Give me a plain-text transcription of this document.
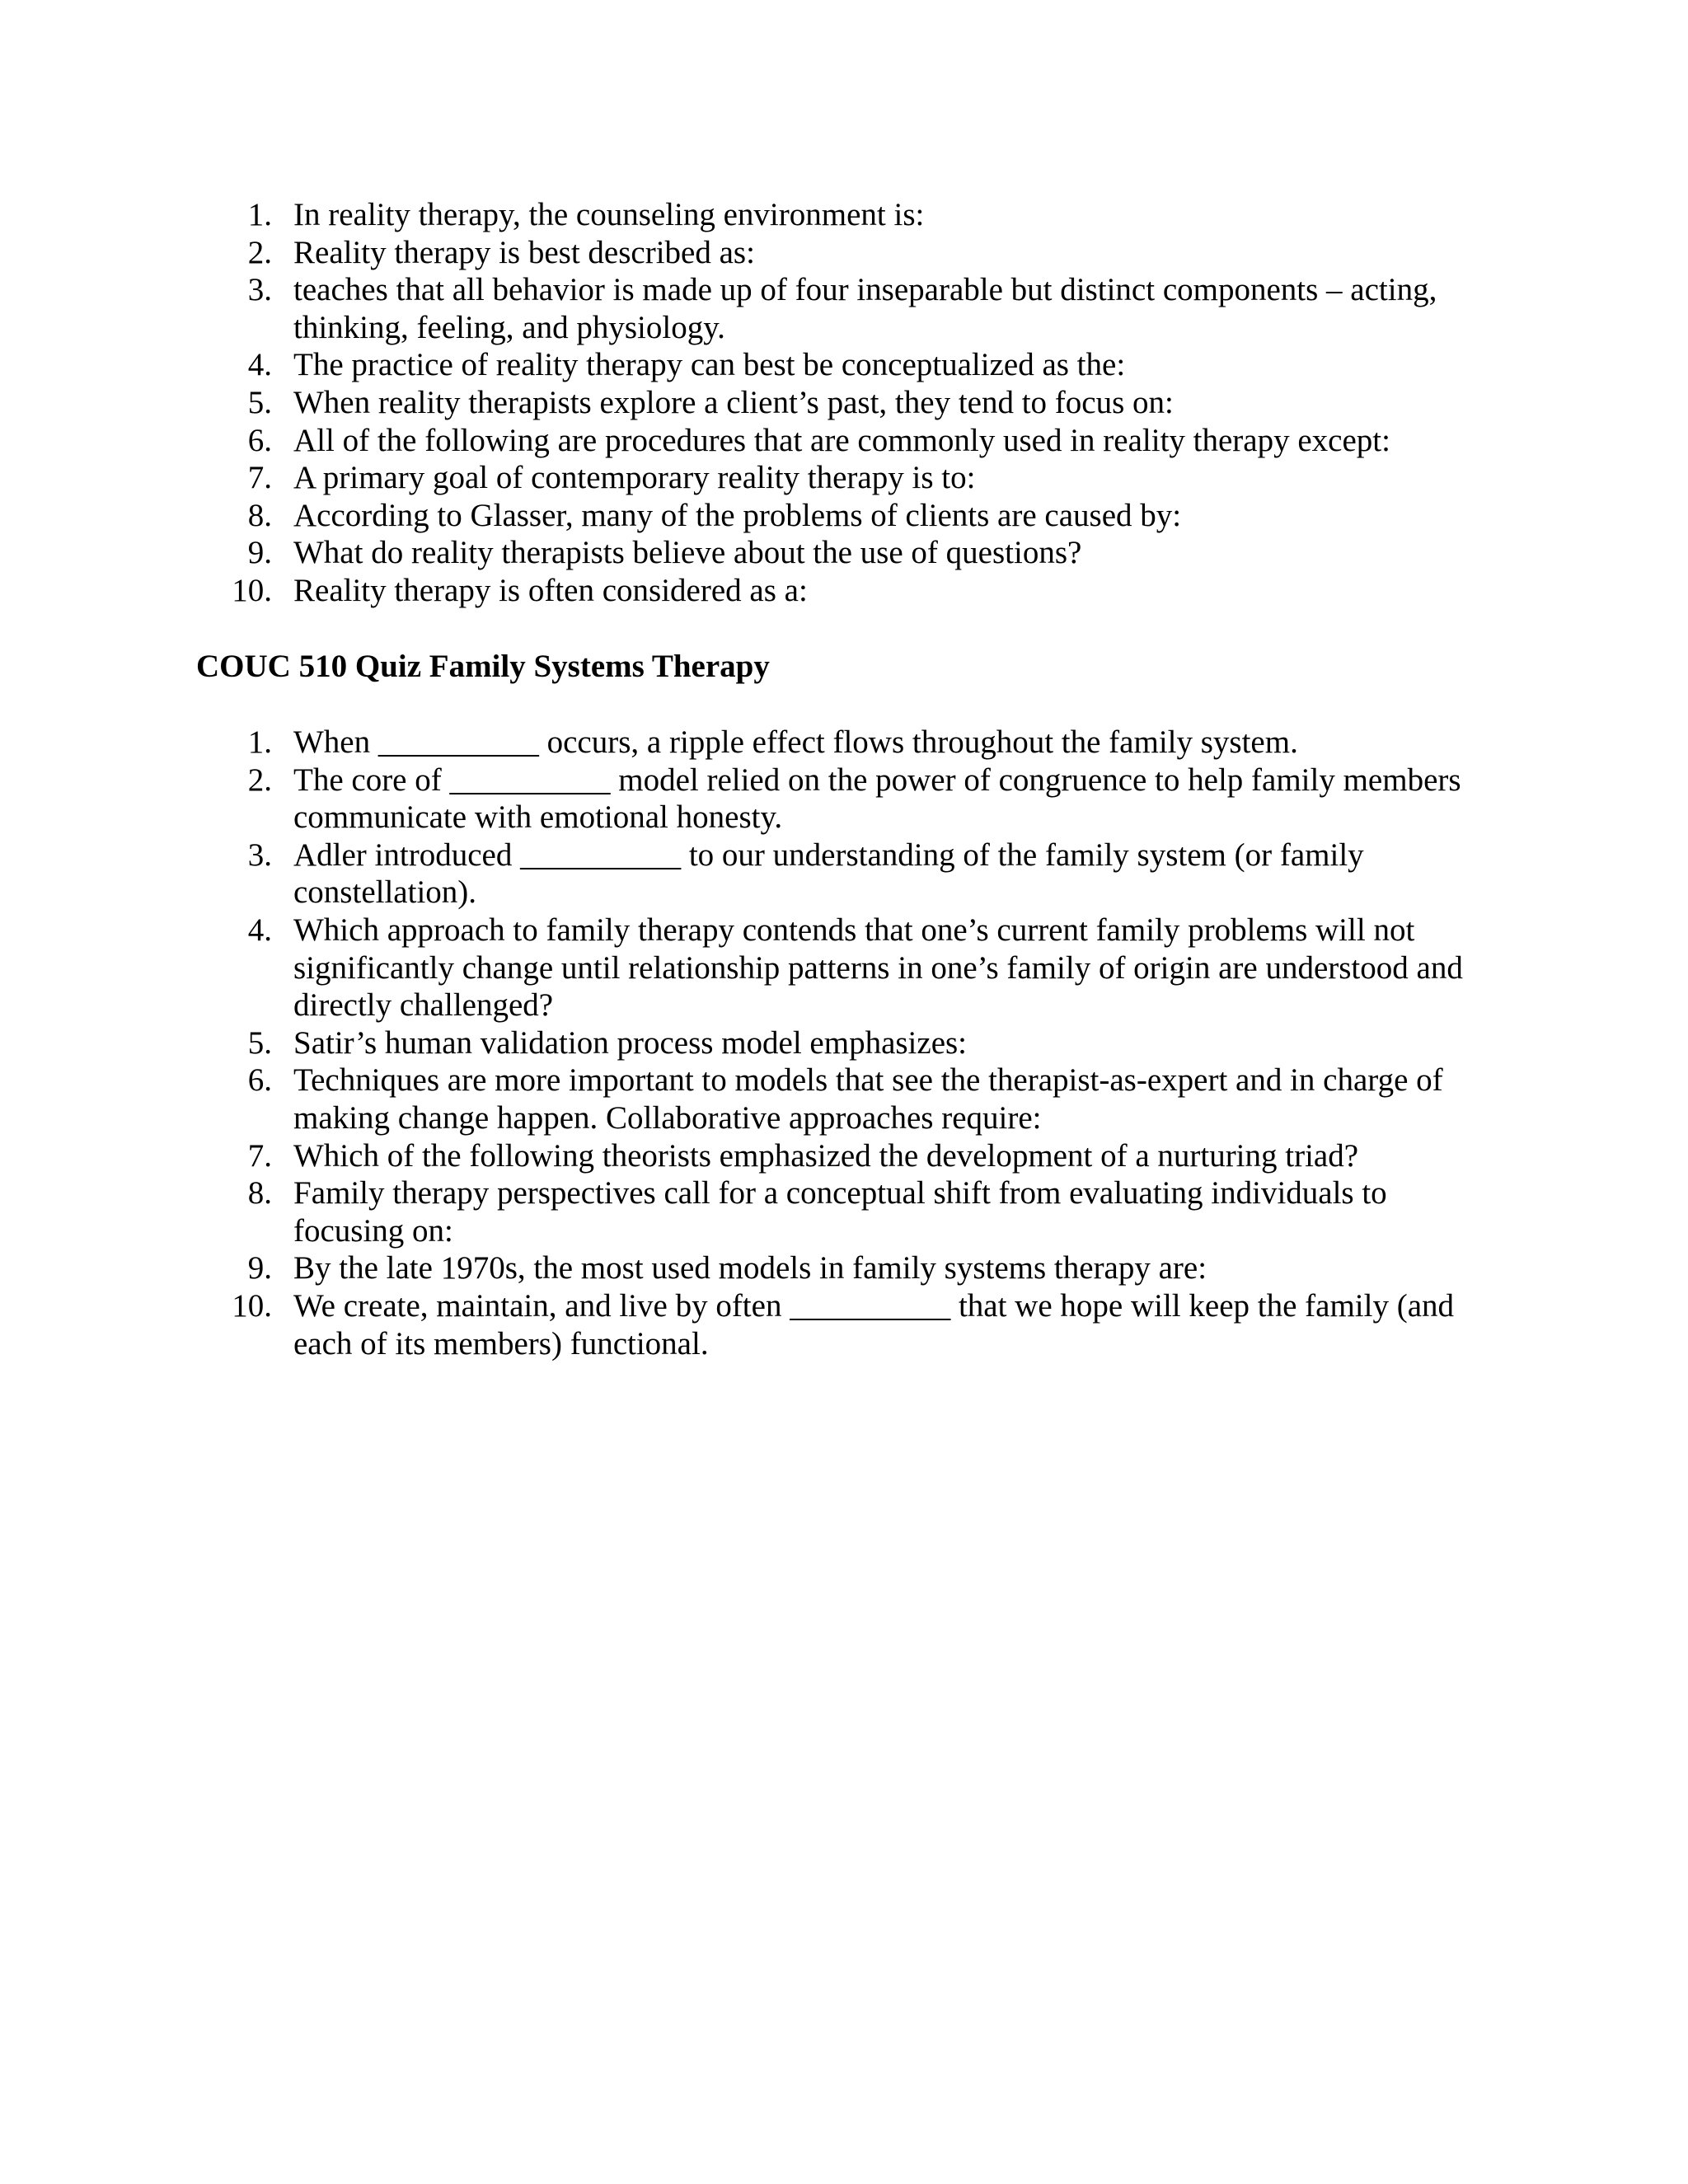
1. In reality therapy, the counseling environment is:
2. Reality therapy is best described as:
3. teaches that all behavior is made up of four inseparable but distinct components – acting, thinking, feeling, and physiology.
4. The practice of reality therapy can best be conceptualized as the:
5. When reality therapists explore a client’s past, they tend to focus on:
6. All of the following are procedures that are commonly used in reality therapy except:
7. A primary goal of contemporary reality therapy is to:
8. According to Glasser, many of the problems of clients are caused by:
9. What do reality therapists believe about the use of questions?
10. Reality therapy is often considered as a:
COUC 510 Quiz Family Systems Therapy
1. When __________ occurs, a ripple effect flows throughout the family system.
2. The core of __________ model relied on the power of congruence to help family members communicate with emotional honesty.
3. Adler introduced __________ to our understanding of the family system (or family constellation).
4. Which approach to family therapy contends that one’s current family problems will not significantly change until relationship patterns in one’s family of origin are understood and directly challenged?
5. Satir’s human validation process model emphasizes:
6. Techniques are more important to models that see the therapist-as-expert and in charge of making change happen. Collaborative approaches require:
7. Which of the following theorists emphasized the development of a nurturing triad?
8. Family therapy perspectives call for a conceptual shift from evaluating individuals to focusing on:
9. By the late 1970s, the most used models in family systems therapy are:
10. We create, maintain, and live by often __________ that we hope will keep the family (and each of its members) functional.
